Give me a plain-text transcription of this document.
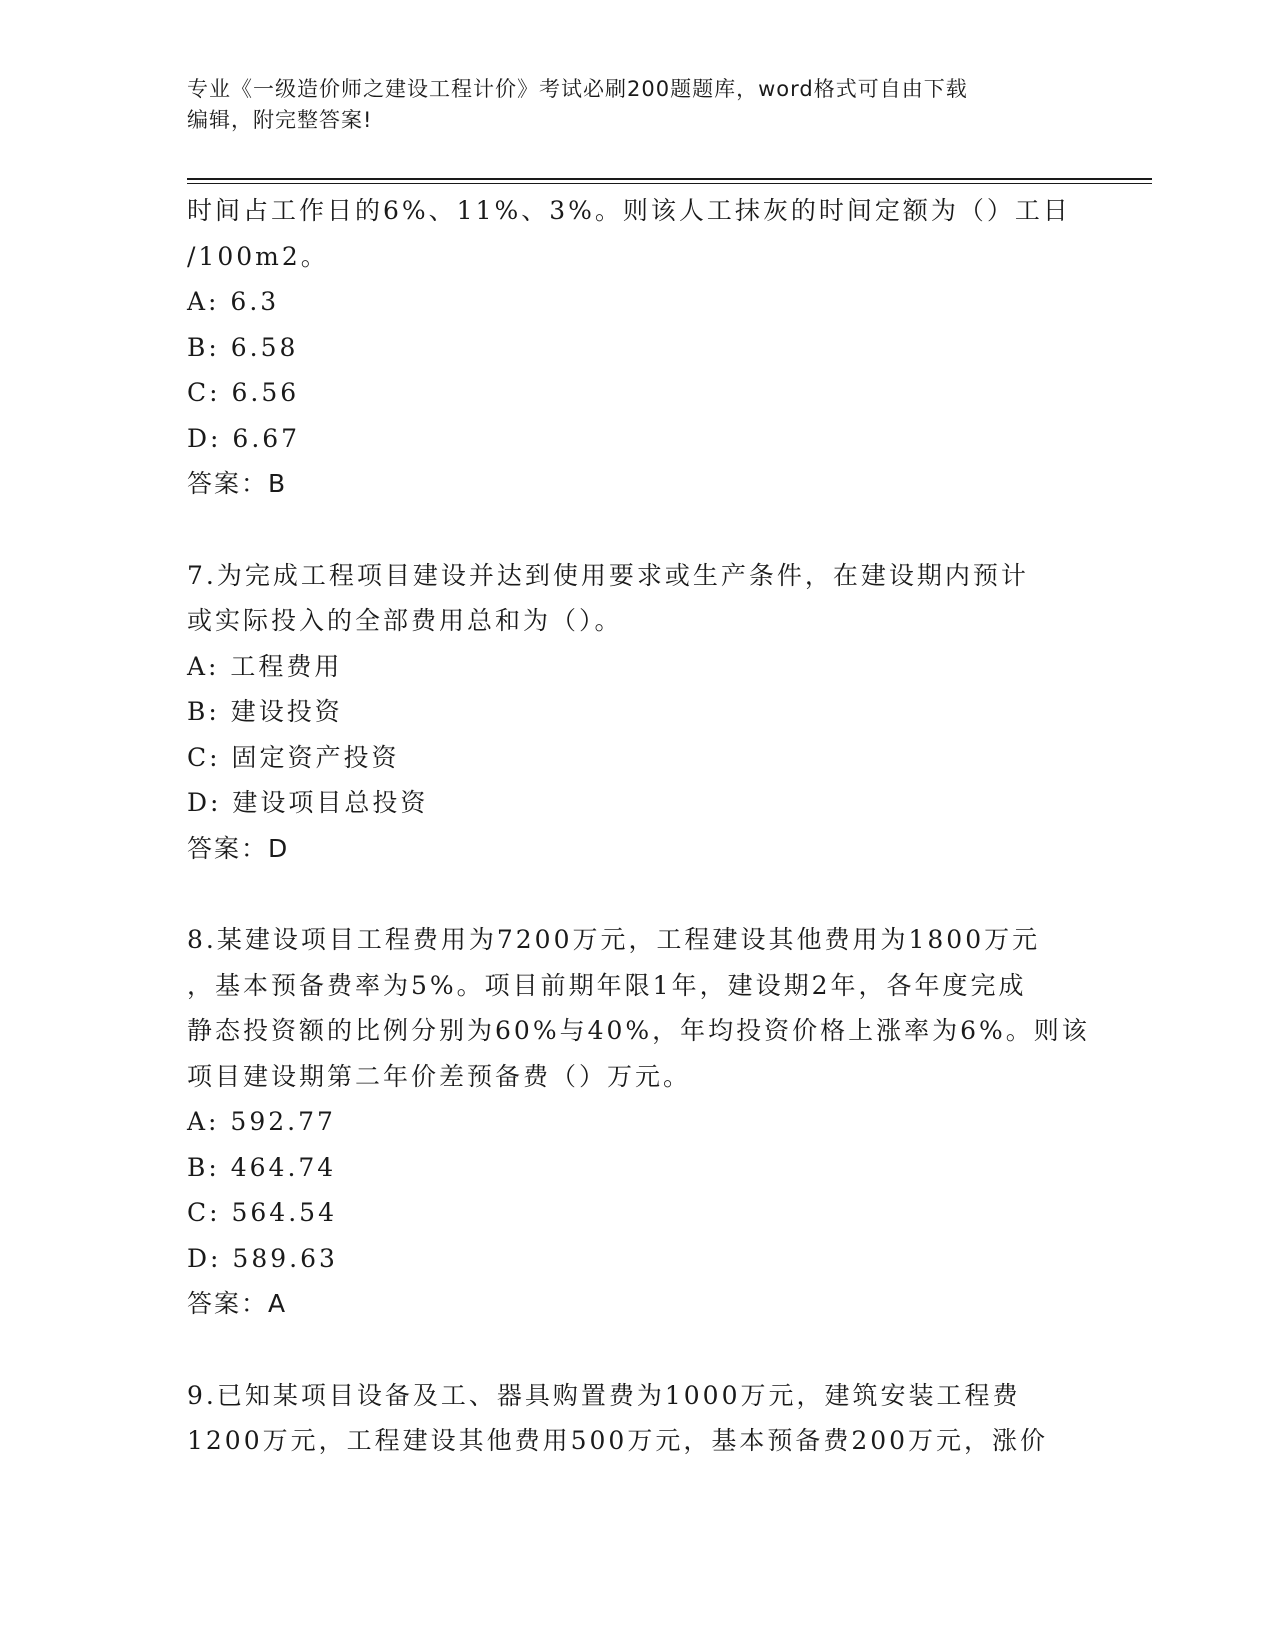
专业《一级造价师之建设工程计价》考试必刷200题题库，word格式可自由下载
编辑，附完整答案!
时间占工作日的6%、11%、3%。则该人工抹灰的时间定额为（）工日
/100m2。
A: 6.3
B: 6.58
C: 6.56
D: 6.67
答案：B
7.为完成工程项目建设并达到使用要求或生产条件，在建设期内预计
或实际投入的全部费用总和为（）。
A: 工程费用
B: 建设投资
C: 固定资产投资
D: 建设项目总投资
答案：D
8.某建设项目工程费用为7200万元，工程建设其他费用为1800万元
，基本预备费率为5%。项目前期年限1年，建设期2年，各年度完成
静态投资额的比例分别为60%与40%，年均投资价格上涨率为6%。则该
项目建设期第二年价差预备费（）万元。
A: 592.77
B: 464.74
C: 564.54
D: 589.63
答案：A
9.已知某项目设备及工、器具购置费为1000万元，建筑安装工程费
1200万元，工程建设其他费用500万元，基本预备费200万元，涨价
